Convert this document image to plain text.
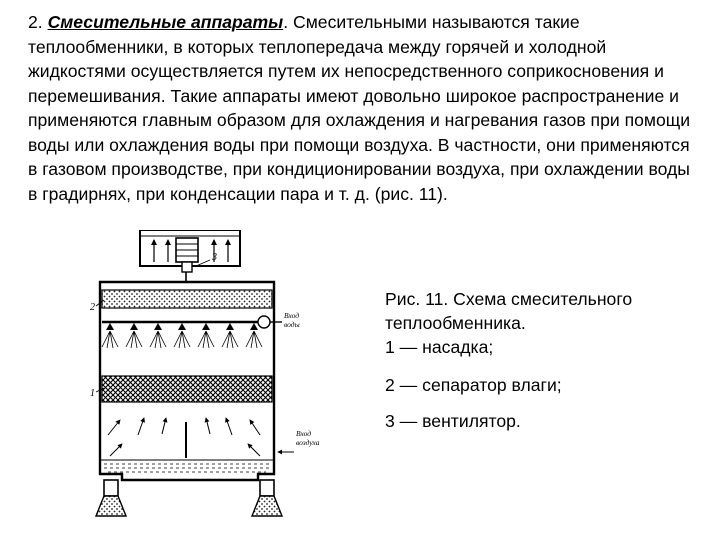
2. Смесительные аппараты. Смесительными называются такие теплообменники, в которых теплопередача между горячей и холодной жидкостями осуществляется путем их непосредственного соприкосновения и перемешивания. Такие аппараты имеют довольно широкое распространение и применяются главным образом для охлаждения и нагревания газов при помощи воды или охлаждения воды при помощи воздуха. В частности, они применяются в газовом производстве, при кондиционировании воздуха, при охлаждении воды в градирнях, при конденсации пара и т. д. (рис. 11).

2
1
3
Вход
воды
Вход
воздуха

Рис. 11. Схема смесительного теплообменника.

1 — насадка;

2 — сепаратор влаги;

3 — вентилятор.
